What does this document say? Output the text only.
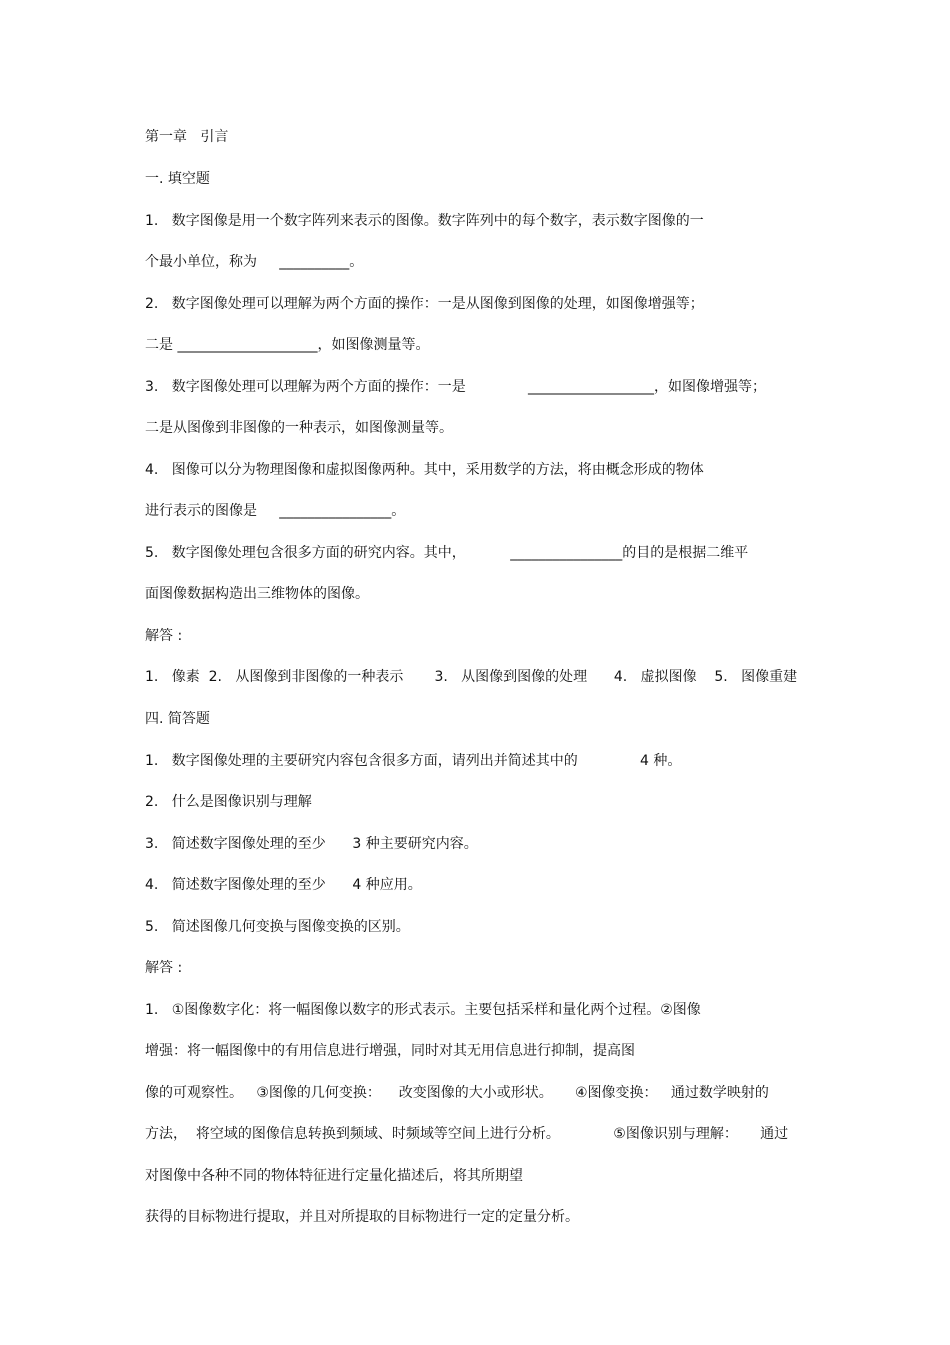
第一章   引言
一. 填空题
1.   数字图像是用一个数字阵列来表示的图像。数字阵列中的每个数字，表示数字图像的一
个最小单位，称为     __________。
2.   数字图像处理可以理解为两个方面的操作：一是从图像到图像的处理，如图像增强等；
二是 ____________________，如图像测量等。
3.   数字图像处理可以理解为两个方面的操作：一是              __________________，如图像增强等；
二是从图像到非图像的一种表示，如图像测量等。
4.   图像可以分为物理图像和虚拟图像两种。其中，采用数学的方法，将由概念形成的物体
进行表示的图像是     ________________。
5.   数字图像处理包含很多方面的研究内容。其中，          ________________的目的是根据二维平
面图像数据构造出三维物体的图像。
解答 :
1.   像素  2.   从图像到非图像的一种表示       3.   从图像到图像的处理      4.   虚拟图像    5.   图像重建
四. 简答题
1.   数字图像处理的主要研究内容包含很多方面，请列出并简述其中的              4 种。
2.   什么是图像识别与理解
3.   简述数字图像处理的至少      3 种主要研究内容。
4.   简述数字图像处理的至少      4 种应用。
5.   简述图像几何变换与图像变换的区别。
解答 :
1.   ①图像数字化：将一幅图像以数字的形式表示。主要包括采样和量化两个过程。②图像
增强：将一幅图像中的有用信息进行增强，同时对其无用信息进行抑制，提高图
像的可观察性。   ③图像的几何变换：    改变图像的大小或形状。     ④图像变换：   通过数学映射的
方法，  将空域的图像信息转换到频域、时频域等空间上进行分析。            ⑤图像识别与理解：     通过
对图像中各种不同的物体特征进行定量化描述后，将其所期望
获得的目标物进行提取，并且对所提取的目标物进行一定的定量分析。
